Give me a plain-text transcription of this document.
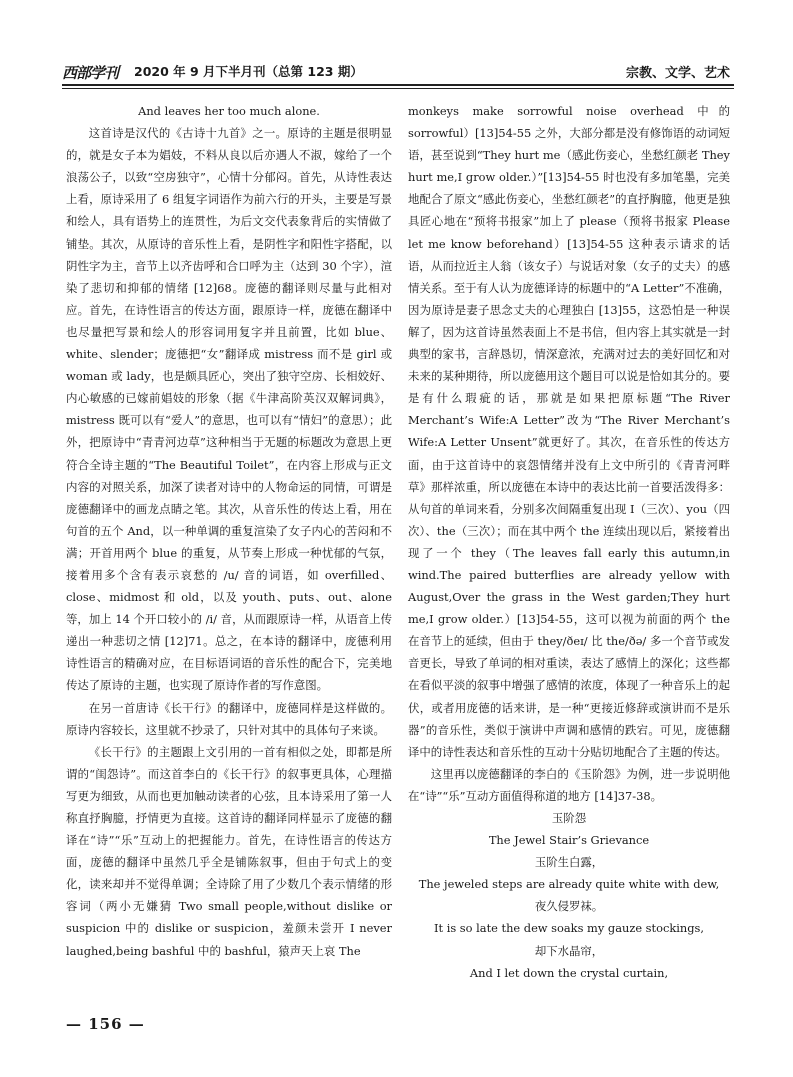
西部学刊 2020 年 9 月下半月刊（总第 123 期）	宗教、文学、艺术

And leaves her too much alone.

这首诗是汉代的《古诗十九首》之一。原诗的主题是很明显的，就是女子本为娼妓，不料从良以后亦遇人不淑，嫁给了一个浪荡公子，以致“空房独守”，心情十分郁闷。首先，从诗性表达上看，原诗采用了 6 组复字词语作为前六行的开头，主要是写景和绘人，具有语势上的连贯性，为后文交代表象背后的实情做了铺垫。其次，从原诗的音乐性上看，是阴性字和阳性字搭配，以阴性字为主，音节上以齐齿呼和合口呼为主（达到 30 个字），渲染了悲切和抑郁的情绪 [12]68。庞德的翻译则尽量与此相对应。首先，在诗性语言的传达方面，跟原诗一样，庞德在翻译中也尽量把写景和绘人的形容词用复字并且前置，比如 blue、white、slender；庞德把“女”翻译成 mistress 而不是 girl 或 woman 或 lady，也是颇具匠心，突出了独守空房、长相姣好、内心敏感的已嫁前娼妓的形象（据《牛津高阶英汉双解词典》，mistress 既可以有“爱人”的意思，也可以有“情妇”的意思）；此外，把原诗中“青青河边草”这种相当于无题的标题改为意思上更符合全诗主题的“The Beautiful Toilet”，在内容上形成与正文内容的对照关系，加深了读者对诗中的人物命运的同情，可谓是庞德翻译中的画龙点睛之笔。其次，从音乐性的传达上看，用在句首的五个 And，以一种单调的重复渲染了女子内心的苦闷和不满；开首用两个 blue 的重复，从节奏上形成一种忧郁的气氛，接着用多个含有表示哀愁的 /u/ 音的词语，如 overfilled、close、midmost 和 old，以及 youth、puts、out、alone 等，加上 14 个开口较小的 /i/ 音，从而跟原诗一样，从语音上传递出一种悲切之情 [12]71。总之，在本诗的翻译中，庞德利用诗性语言的精确对应，在目标语词语的音乐性的配合下，完美地传达了原诗的主题，也实现了原诗作者的写作意图。

在另一首唐诗《长干行》的翻译中，庞德同样是这样做的。原诗内容较长，这里就不抄录了，只针对其中的具体句子来谈。

《长干行》的主题跟上文引用的一首有相似之处，即都是所谓的“闺怨诗”。而这首李白的《长干行》的叙事更具体，心理描写更为细致，从而也更加触动读者的心弦，且本诗采用了第一人称直抒胸臆，抒情更为直接。这首诗的翻译同样显示了庞德的翻译在“诗”“乐”互动上的把握能力。首先，在诗性语言的传达方面，庞德的翻译中虽然几乎全是铺陈叙事，但由于句式上的变化，读来却并不觉得单调；全诗除了用了少数几个表示情绪的形容词（两小无嫌猜 Two small people,without dislike or suspicion 中的 dislike or suspicion，羞颜未尝开 I never laughed,being bashful 中的 bashful，猿声天上哀 The

monkeys make sorrowful noise overhead 中的 sorrowful）[13]54-55 之外，大部分都是没有修饰语的动词短语，甚至说到“They hurt me（感此伤妾心，坐愁红颜老 They hurt me,I grow older.）”[13]54-55 时也没有多加笔墨，完美地配合了原文“感此伤妾心，坐愁红颜老”的直抒胸臆，他更是独具匠心地在“预将书报家”加上了 please（预将书报家 Please let me know beforehand）[13]54-55 这种表示请求的话语，从而拉近主人翁（该女子）与说话对象（女子的丈夫）的感情关系。至于有人认为庞德译诗的标题中的“A Letter”不准确，因为原诗是妻子思念丈夫的心理独白 [13]55，这恐怕是一种误解了，因为这首诗虽然表面上不是书信，但内容上其实就是一封典型的家书，言辞恳切，情深意浓，充满对过去的美好回忆和对未来的某种期待，所以庞德用这个题目可以说是恰如其分的。要是有什么瑕疵的话，那就是如果把原标题“The River Merchant’s Wife:A Letter”改为“The River Merchant’s Wife:A Letter Unsent”就更好了。其次，在音乐性的传达方面，由于这首诗中的哀怨情绪并没有上文中所引的《青青河畔草》那样浓重，所以庞德在本诗中的表达比前一首要活泼得多：从句首的单词来看，分别多次间隔重复出现 I（三次）、you（四次）、the（三次）；而在其中两个 the 连续出现以后，紧接着出现了一个 they（The leaves fall early this autumn,in wind.The paired butterflies are already yellow with August,Over the grass in the West garden;They hurt me,I grow older.）[13]54-55，这可以视为前面的两个 the 在音节上的延续，但由于 they/ðeɪ/ 比 the/ðə/ 多一个音节或发音更长，导致了单词的相对重读，表达了感情上的深化；这些都在看似平淡的叙事中增强了感情的浓度，体现了一种音乐上的起伏，或者用庞德的话来讲，是一种“更接近修辞或演讲而不是乐器”的音乐性，类似于演讲中声调和感情的跌宕。可见，庞德翻译中的诗性表达和音乐性的互动十分贴切地配合了主题的传达。

这里再以庞德翻译的李白的《玉阶怨》为例，进一步说明他在“诗”“乐”互动方面值得称道的地方 [14]37-38。

玉阶怨

The Jewel Stair’s Grievance

玉阶生白露，

The jeweled steps are already quite white with dew,

夜久侵罗袜。

It is so late the dew soaks my gauze stockings,

却下水晶帘，

And I let down the crystal curtain,

— 156 —
